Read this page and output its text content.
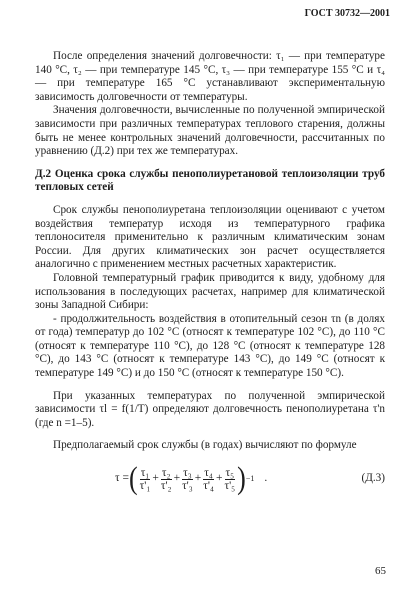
ГОСТ 30732—2001

После определения значений долговечности: τ₁ — при температуре 140 °С, τ₂ — при температуре 145 °С, τ₃ — при температуре 155 °С и τ₄ — при температуре 165 °С устанавливают экспериментальную зависимость долговечности от температуры.

Значения долговечности, вычисленные по полученной эмпирической зависимости при различных температурах теплового старения, должны быть не менее контрольных значений долговечности, рассчитанных по уравнению (Д.2) при тех же температурах.

Д.2 Оценка срока службы пенополиуретановой теплоизоляции труб тепловых сетей

Срок службы пенополиуретана теплоизоляции оценивают с учетом воздействия температур исходя из температурного графика теплоносителя применительно к различным климатическим зонам России. Для других климатических зон расчет осуществляется аналогично с применением местных расчетных характеристик.

Головной температурный график приводится к виду, удобному для использования в последующих расчетах, например для климатической зоны Западной Сибири:

- продолжительность воздействия в отопительный сезон τn (в долях от года) температур до 102 °С (относят к температуре 102 °С), до 110 °С (относят к температуре 110 °С), до 128 °С (относят к температуре 128 °С), до 143 °С (относят к температуре 143 °С), до 149 °С (относят к температуре 149 °С) и до 150 °С (относят к температуре 150 °С).

При указанных температурах по полученной эмпирической зависимости τl = f(1/T) определяют долговечность пенополиуретана τ'n (где n =1–5).

Предполагаемый срок службы (в годах) вычисляют по формуле

τ = ( $\frac{\text{τ₁}}{\text{τ'₁}} + \frac{\text{τ₂}}{\text{τ'₂}} + \frac{\text{τ₃}}{\text{τ'₃}} + \frac{\text{τ₄}}{\text{τ'₄}} + \frac{\text{τ₅}}{\text{τ'₅}}$ ) −1 .	(Д.3)
65
